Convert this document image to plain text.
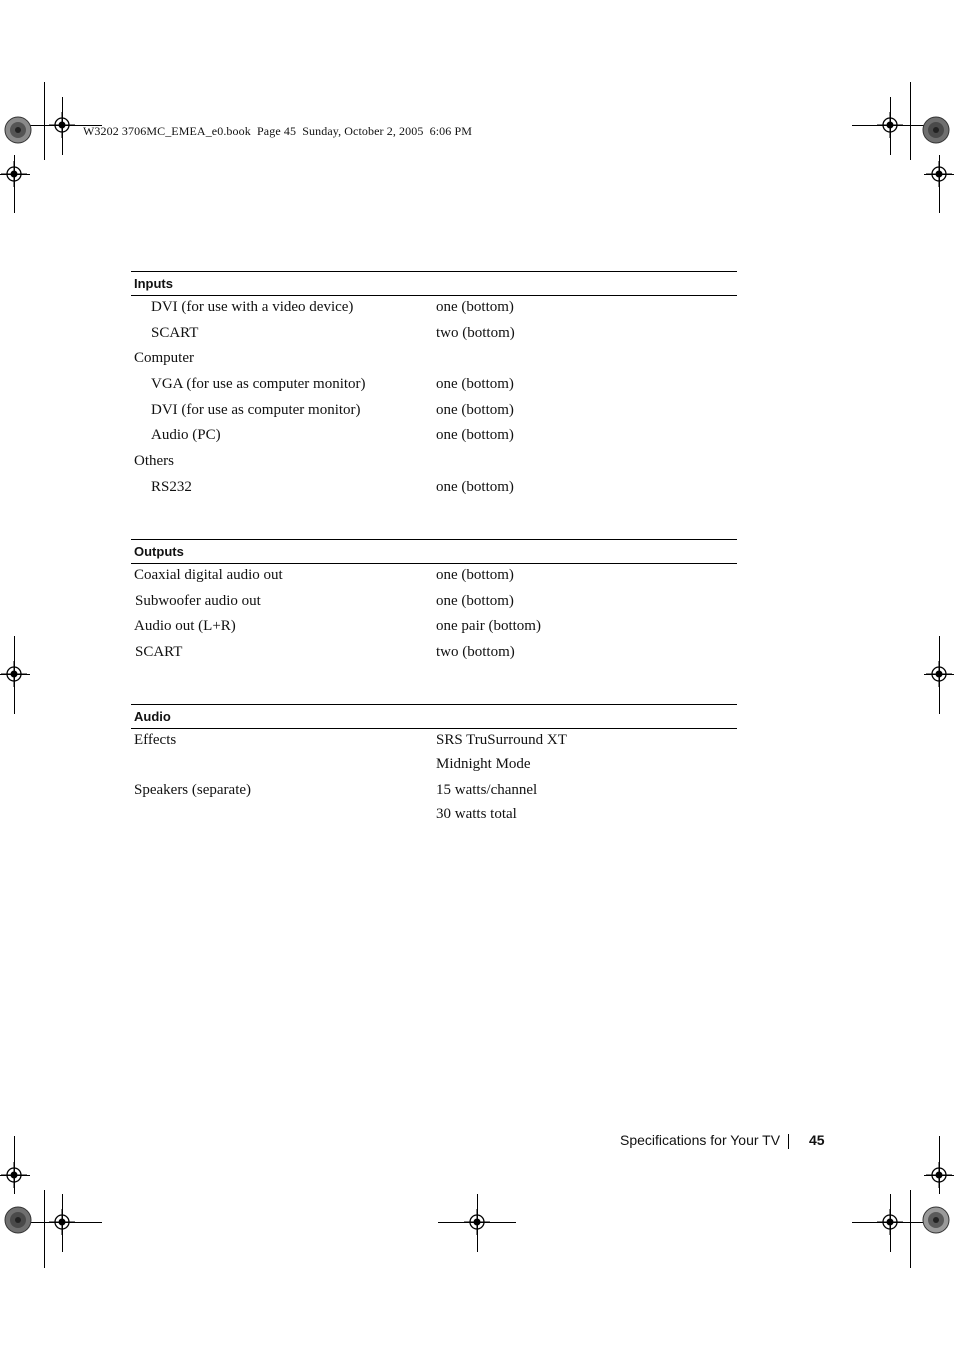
W3202 3706MC_EMEA_e0.book  Page 45  Sunday, October 2, 2005  6:06 PM
Inputs
DVI (for use with a video device)	one (bottom)
SCART	two (bottom)
Computer
VGA (for use as computer monitor)	one (bottom)
DVI (for use as computer monitor)	one (bottom)
Audio (PC)	one (bottom)
Others
RS232	one (bottom)
Outputs
Coaxial digital audio out	one (bottom)
Subwoofer audio out	one (bottom)
Audio out (L+R)	one pair (bottom)
SCART	two (bottom)
Audio
Effects	SRS TruSurround XT
Midnight Mode
Speakers (separate)	15 watts/channel
30 watts total
Specifications for Your TV 45
